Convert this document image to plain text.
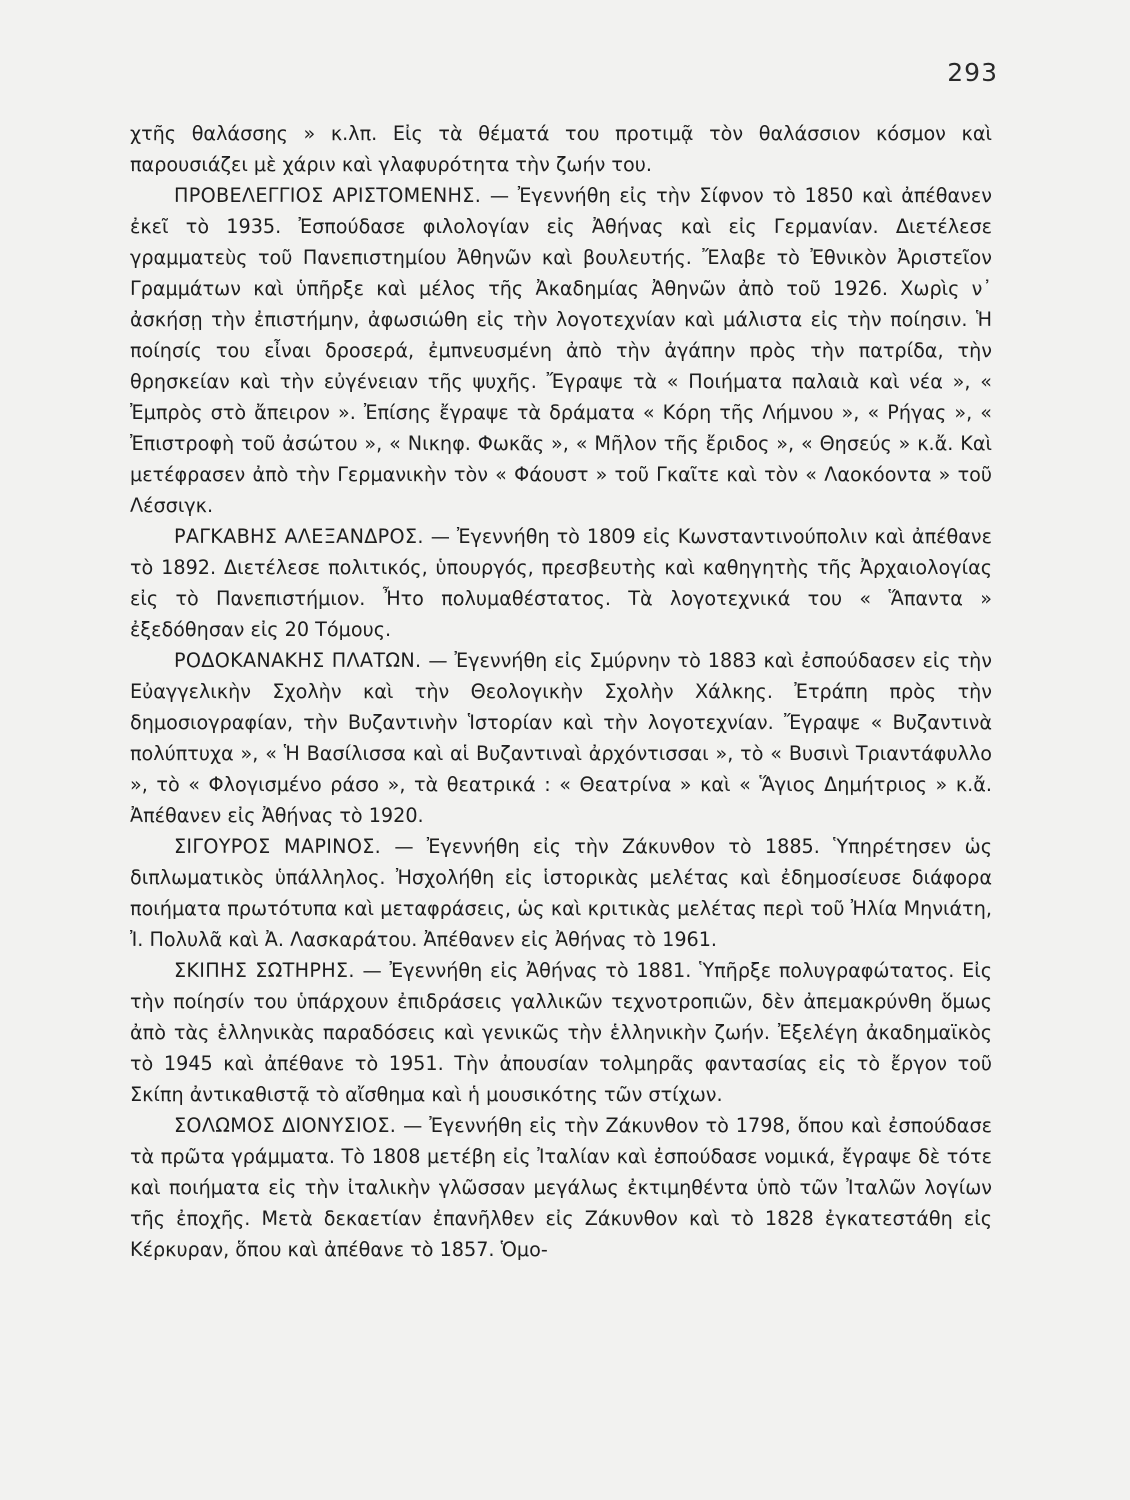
293

χτῆς θαλάσσης » κ.λπ. Εἰς τὰ θέματά του προτιμᾷ τὸν θαλάσσιον κόσμον καὶ παρουσιάζει μὲ χάριν καὶ γλαφυρότητα τὴν ζωήν του.

ΠΡΟΒΕΛΕΓΓΙΟΣ ΑΡΙΣΤΟΜΕΝΗΣ. — Ἐγεννήθη εἰς τὴν Σίφνον τὸ 1850 καὶ ἀπέθανεν ἐκεῖ τὸ 1935. Ἐσπούδασε φιλολογίαν εἰς Ἀθήνας καὶ εἰς Γερμανίαν. Διετέλεσε γραμματεὺς τοῦ Πανεπιστημίου Ἀθηνῶν καὶ βουλευτής. Ἔλαβε τὸ Ἐθνικὸν Ἀριστεῖον Γραμμάτων καὶ ὑπῆρξε καὶ μέλος τῆς Ἀκαδημίας Ἀθηνῶν ἀπὸ τοῦ 1926. Χωρὶς ν᾽ ἀσκήσῃ τὴν ἐπιστήμην, ἀφωσιώθη εἰς τὴν λογοτεχνίαν καὶ μάλιστα εἰς τὴν ποίησιν. Ἡ ποίησίς του εἶναι δροσερά, ἐμπνευσμένη ἀπὸ τὴν ἀγάπην πρὸς τὴν πατρίδα, τὴν θρησκείαν καὶ τὴν εὐγένειαν τῆς ψυχῆς. Ἔγραψε τὰ « Ποιήματα παλαιὰ καὶ νέα », « Ἐμπρὸς στὸ ἄπειρον ». Ἐπίσης ἔγραψε τὰ δράματα « Κόρη τῆς Λήμνου », « Ρήγας », « Ἐπιστροφὴ τοῦ ἀσώτου », « Νικηφ. Φωκᾶς », « Μῆλον τῆς ἔριδος », « Θησεύς » κ.ἄ. Καὶ μετέφρασεν ἀπὸ τὴν Γερμανικὴν τὸν « Φάουστ » τοῦ Γκαῖτε καὶ τὸν « Λαοκόοντα » τοῦ Λέσσιγκ.

ΡΑΓΚΑΒΗΣ ΑΛΕΞΑΝΔΡΟΣ. — Ἐγεννήθη τὸ 1809 εἰς Κωνσταντινούπολιν καὶ ἀπέθανε τὸ 1892. Διετέλεσε πολιτικός, ὑπουργός, πρεσβευτὴς καὶ καθηγητὴς τῆς Ἀρχαιολογίας εἰς τὸ Πανεπιστήμιον. Ἦτο πολυμαθέστατος. Τὰ λογοτεχνικά του « Ἅπαντα » ἐξεδόθησαν εἰς 20 Τόμους.

ΡΟΔΟΚΑΝΑΚΗΣ ΠΛΑΤΩΝ. — Ἐγεννήθη εἰς Σμύρνην τὸ 1883 καὶ ἐσπούδασεν εἰς τὴν Εὐαγγελικὴν Σχολὴν καὶ τὴν Θεολογικὴν Σχολὴν Χάλκης. Ἐτράπη πρὸς τὴν δημοσιογραφίαν, τὴν Βυζαντινὴν Ἱστορίαν καὶ τὴν λογοτεχνίαν. Ἔγραψε « Βυζαντινὰ πολύπτυχα », « Ἡ Βασίλισσα καὶ αἱ Βυζαντιναὶ ἀρχόντισσαι », τὸ « Βυσινὶ Τριαντάφυλλο », τὸ « Φλογισμένο ράσο », τὰ θεατρικά : « Θεατρίνα » καὶ « Ἅγιος Δημήτριος » κ.ἄ. Ἀπέθανεν εἰς Ἀθήνας τὸ 1920.

ΣΙΓΟΥΡΟΣ ΜΑΡΙΝΟΣ. — Ἐγεννήθη εἰς τὴν Ζάκυνθον τὸ 1885. Ὑπηρέτησεν ὡς διπλωματικὸς ὑπάλληλος. Ἠσχολήθη εἰς ἱστορικὰς μελέτας καὶ ἐδημοσίευσε διάφορα ποιήματα πρωτότυπα καὶ μεταφράσεις, ὡς καὶ κριτικὰς μελέτας περὶ τοῦ Ἠλία Μηνιάτη, Ἰ. Πολυλᾶ καὶ Ἀ. Λασκαράτου. Ἀπέθανεν εἰς Ἀθήνας τὸ 1961.

ΣΚΙΠΗΣ ΣΩΤΗΡΗΣ. — Ἐγεννήθη εἰς Ἀθήνας τὸ 1881. Ὑπῆρξε πολυγραφώτατος. Εἰς τὴν ποίησίν του ὑπάρχουν ἐπιδράσεις γαλλικῶν τεχνοτροπιῶν, δὲν ἀπεμακρύνθη ὅμως ἀπὸ τὰς ἑλληνικὰς παραδόσεις καὶ γενικῶς τὴν ἑλληνικὴν ζωήν. Ἐξελέγη ἀκαδημαϊκὸς τὸ 1945 καὶ ἀπέθανε τὸ 1951. Τὴν ἀπουσίαν τολμηρᾶς φαντασίας εἰς τὸ ἔργον τοῦ Σκίπη ἀντικαθιστᾷ τὸ αἴσθημα καὶ ἡ μουσικότης τῶν στίχων.

ΣΟΛΩΜΟΣ ΔΙΟΝΥΣΙΟΣ. — Ἐγεννήθη εἰς τὴν Ζάκυνθον τὸ 1798, ὅπου καὶ ἐσπούδασε τὰ πρῶτα γράμματα. Τὸ 1808 μετέβη εἰς Ἰταλίαν καὶ ἐσπούδασε νομικά, ἔγραψε δὲ τότε καὶ ποιήματα εἰς τὴν ἰταλικὴν γλῶσσαν μεγάλως ἐκτιμηθέντα ὑπὸ τῶν Ἰταλῶν λογίων τῆς ἐποχῆς. Μετὰ δεκαετίαν ἐπανῆλθεν εἰς Ζάκυνθον καὶ τὸ 1828 ἐγκατεστάθη εἰς Κέρκυραν, ὅπου καὶ ἀπέθανε τὸ 1857. Ὁμο-
